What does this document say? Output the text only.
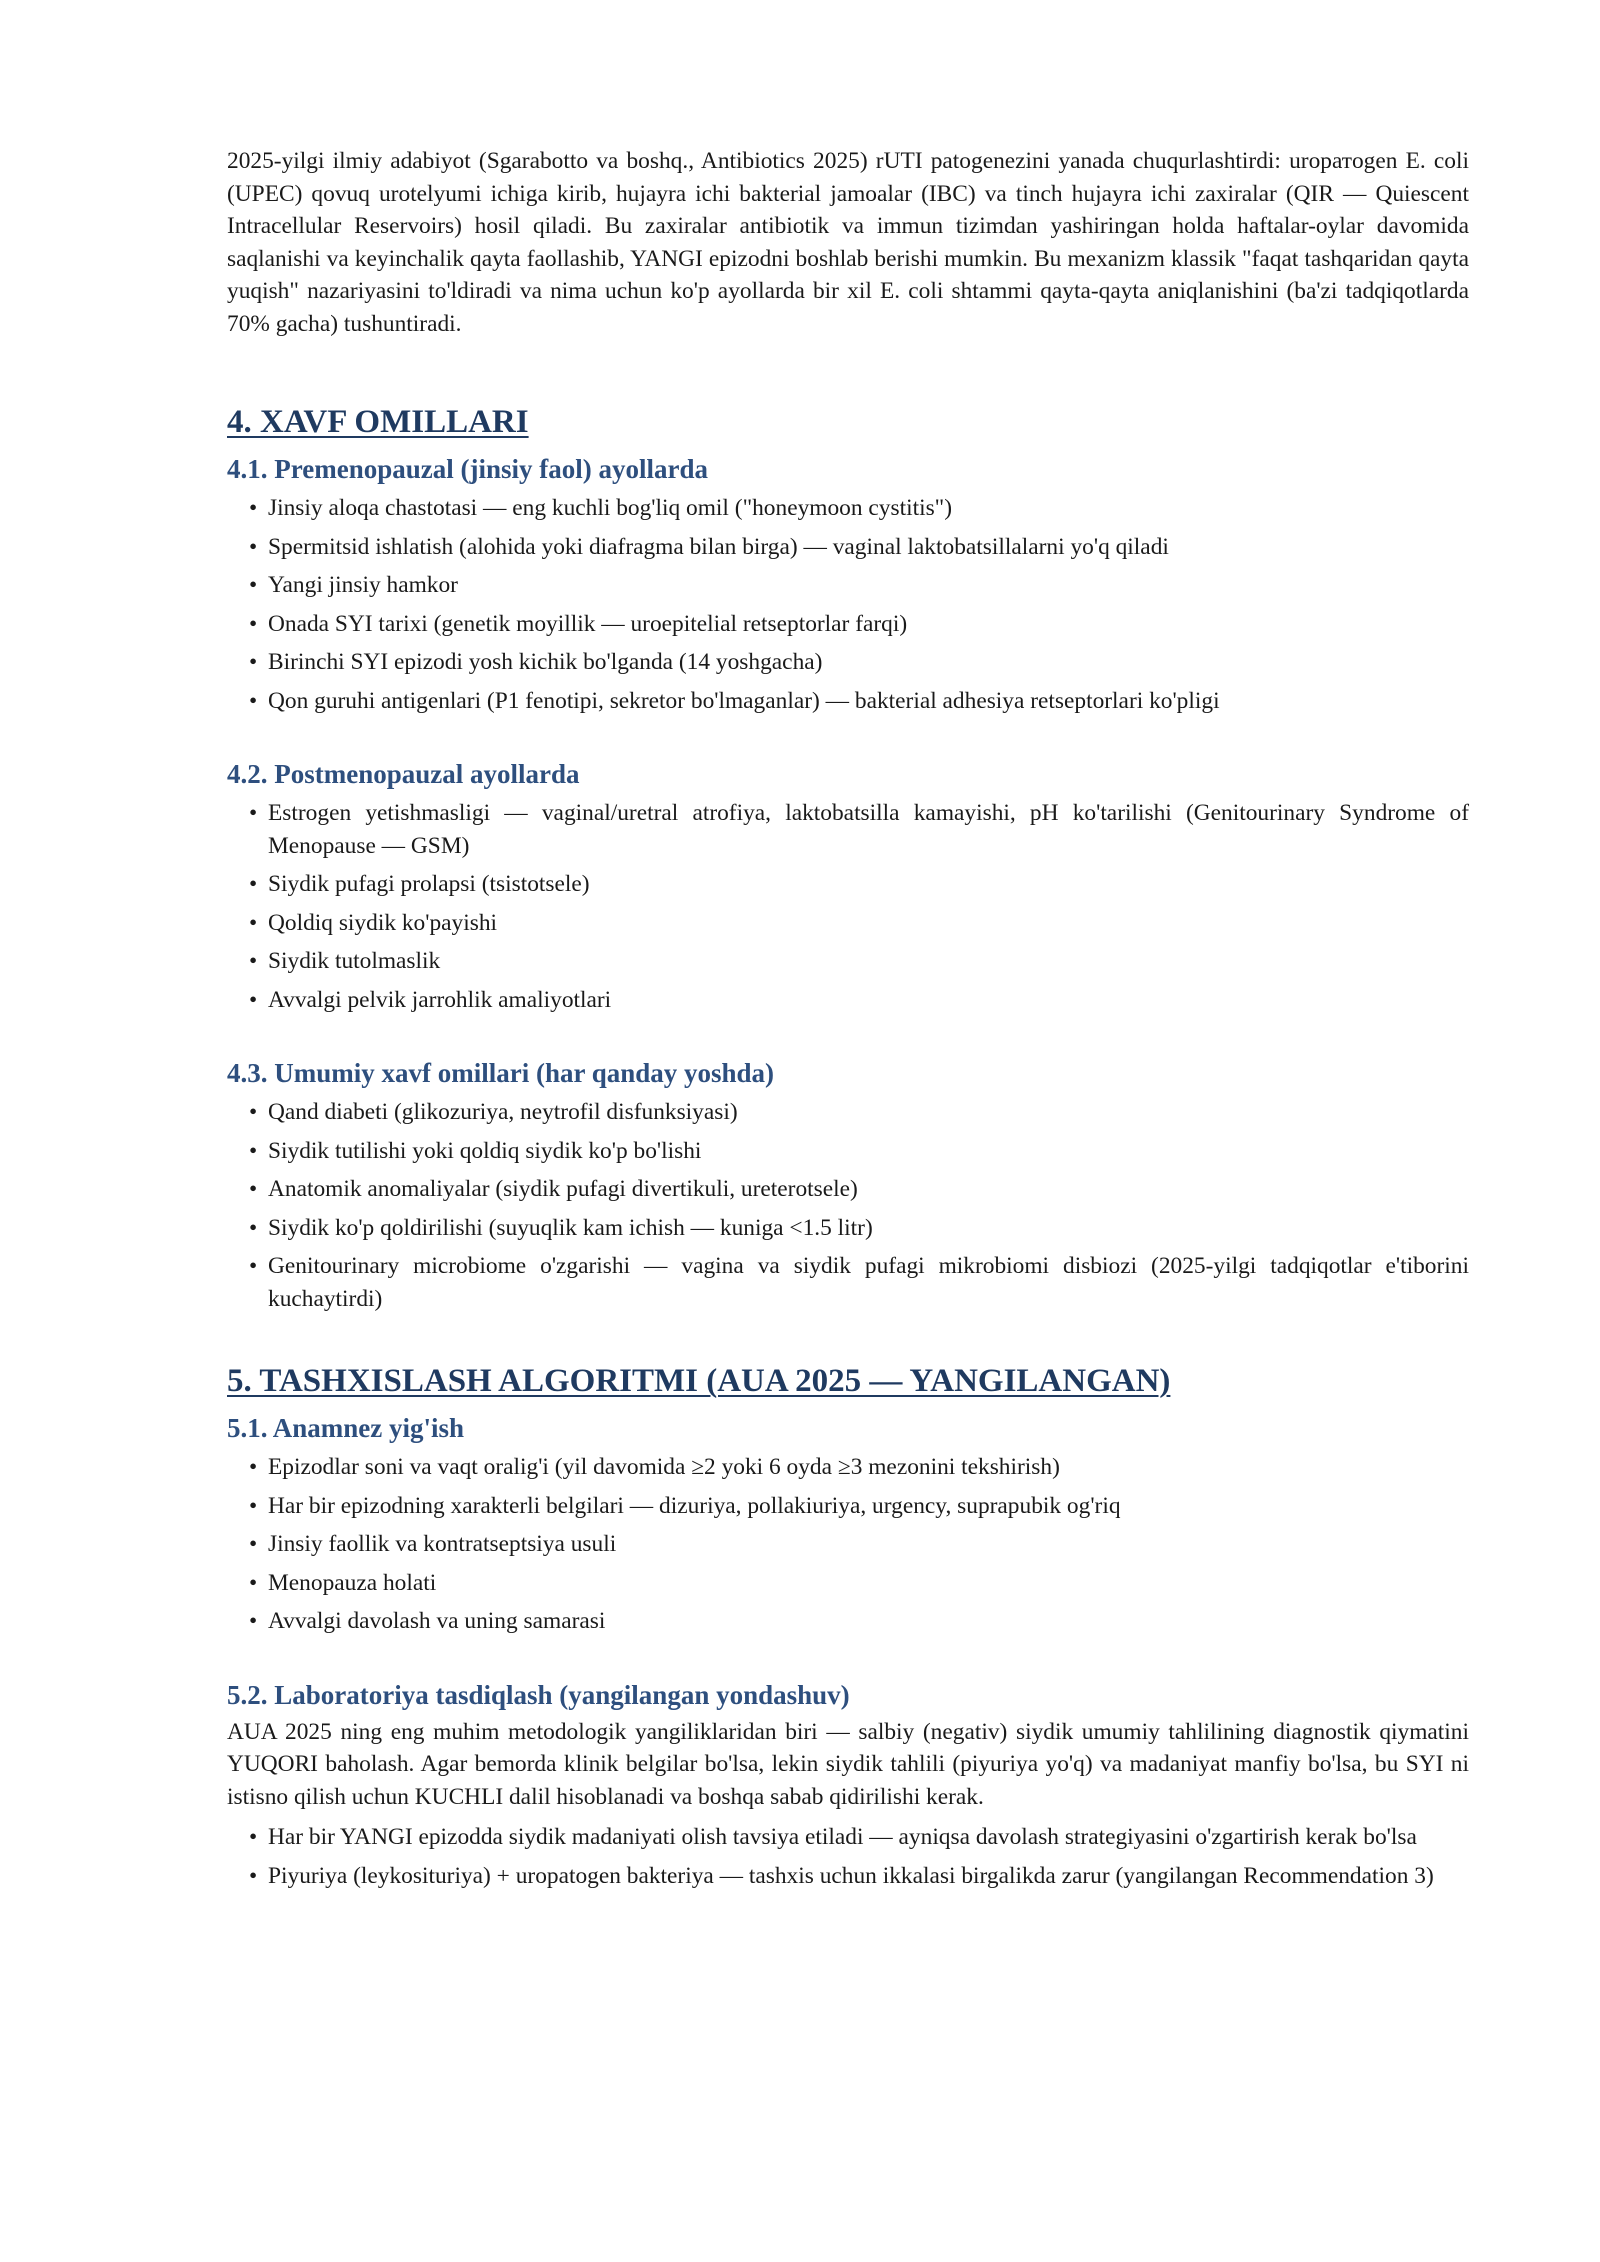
2025-yilgi ilmiy adabiyot (Sgarabotto va boshq., Antibiotics 2025) rUTI patogenezini yanada chuqurlashtirdi: uropатogen E. coli (UPEC) qovuq urotelyumi ichiga kirib, hujayra ichi bakterial jamoalar (IBC) va tinch hujayra ichi zaxiralar (QIR — Quiescent Intracellular Reservoirs) hosil qiladi. Bu zaxiralar antibiotik va immun tizimdan yashiringan holda haftalar-oylar davomida saqlanishi va keyinchalik qayta faollashib, YANGI epizodni boshlab berishi mumkin. Bu mexanizm klassik "faqat tashqaridan qayta yuqish" nazariyasini to'ldiradi va nima uchun ko'p ayollarda bir xil E. coli shtammi qayta-qayta aniqlanishini (ba'zi tadqiqotlarda 70% gacha) tushuntiradi.

4. XAVF OMILLARI
4.1. Premenopauzal (jinsiy faol) ayollarda
• Jinsiy aloqa chastotasi — eng kuchli bog'liq omil ("honeymoon cystitis")
• Spermitsid ishlatish (alohida yoki diafragma bilan birga) — vaginal laktobatsillalarni yo'q qiladi
• Yangi jinsiy hamkor
• Onada SYI tarixi (genetik moyillik — uroepitelial retseptorlar farqi)
• Birinchi SYI epizodi yosh kichik bo'lganda (14 yoshgacha)
• Qon guruhi antigenlari (P1 fenotipi, sekretor bo'lmaganlar) — bakterial adhesiya retseptorlari ko'pligi
4.2. Postmenopauzal ayollarda
• Estrogen yetishmasligi — vaginal/uretral atrofiya, laktobatsilla kamayishi, pH ko'tarilishi (Genitourinary Syndrome of Menopause — GSM)
• Siydik pufagi prolapsi (tsistotsele)
• Qoldiq siydik ko'payishi
• Siydik tutolmaslik
• Avvalgi pelvik jarrohlik amaliyotlari
4.3. Umumiy xavf omillari (har qanday yoshda)
• Qand diabeti (glikozuriya, neytrofil disfunksiyasi)
• Siydik tutilishi yoki qoldiq siydik ko'p bo'lishi
• Anatomik anomaliyalar (siydik pufagi divertikuli, ureterotsele)
• Siydik ko'p qoldirilishi (suyuqlik kam ichish — kuniga <1.5 litr)
• Genitourinary microbiome o'zgarishi — vagina va siydik pufagi mikrobiomi disbiozi (2025-yilgi tadqiqotlar e'tiborini kuchaytirdi)
5. TASHXISLASH ALGORITMI (AUA 2025 — YANGILANGAN)
5.1. Anamnez yig'ish
• Epizodlar soni va vaqt oralig'i (yil davomida ≥2 yoki 6 oyda ≥3 mezonini tekshirish)
• Har bir epizodning xarakterli belgilari — dizuriya, pollakiuriya, urgency, suprapubik og'riq
• Jinsiy faollik va kontratseptsiya usuli
• Menopauza holati
• Avvalgi davolash va uning samarasi
5.2. Laboratoriya tasdiqlash (yangilangan yondashuv)

AUA 2025 ning eng muhim metodologik yangiliklaridan biri — salbiy (negativ) siydik umumiy tahlilining diagnostik qiymatini YUQORI baholash. Agar bemorda klinik belgilar bo'lsa, lekin siydik tahlili (piyuriya yo'q) va madaniyat manfiy bo'lsa, bu SYI ni istisno qilish uchun KUCHLI dalil hisoblanadi va boshqa sabab qidirilishi kerak.

• Har bir YANGI epizodda siydik madaniyati olish tavsiya etiladi — ayniqsa davolash strategiyasini o'zgartirish kerak bo'lsa
• Piyuriya (leykosituriya) + uropatogen bakteriya — tashxis uchun ikkalasi birgalikda zarur (yangilangan Recommendation 3)
